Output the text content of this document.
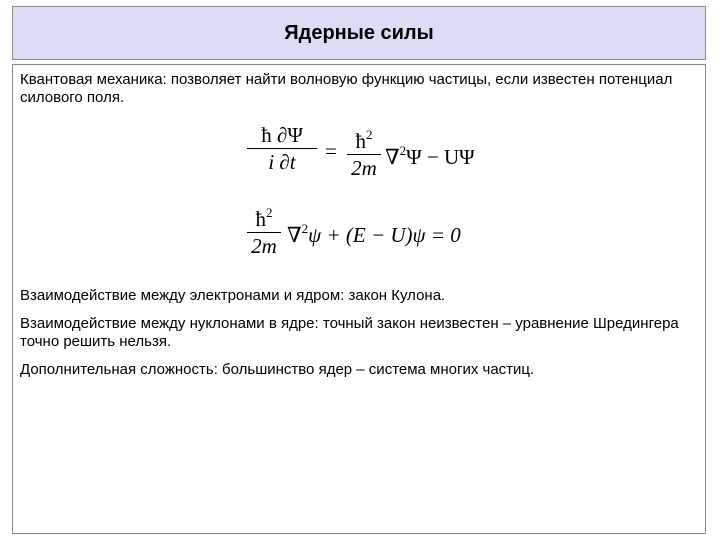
Ядерные силы
Квантовая механика: позволяет найти волновую функцию частицы, если известен потенциал силового поля.
ħ ∂Ψ
i ∂t	= $ħ^2$
2m ∇$^2$Ψ − UΨ
$ħ^2$
2m ∇$^2$ψ + (E − U)ψ = 0
Взаимодействие между электронами и ядром: закон Кулона.
Взаимодействие между нуклонами в ядре: точный закон неизвестен – уравнение Шредингера точно решить нельзя.
Дополнительная сложность: большинство ядер – система многих частиц.
